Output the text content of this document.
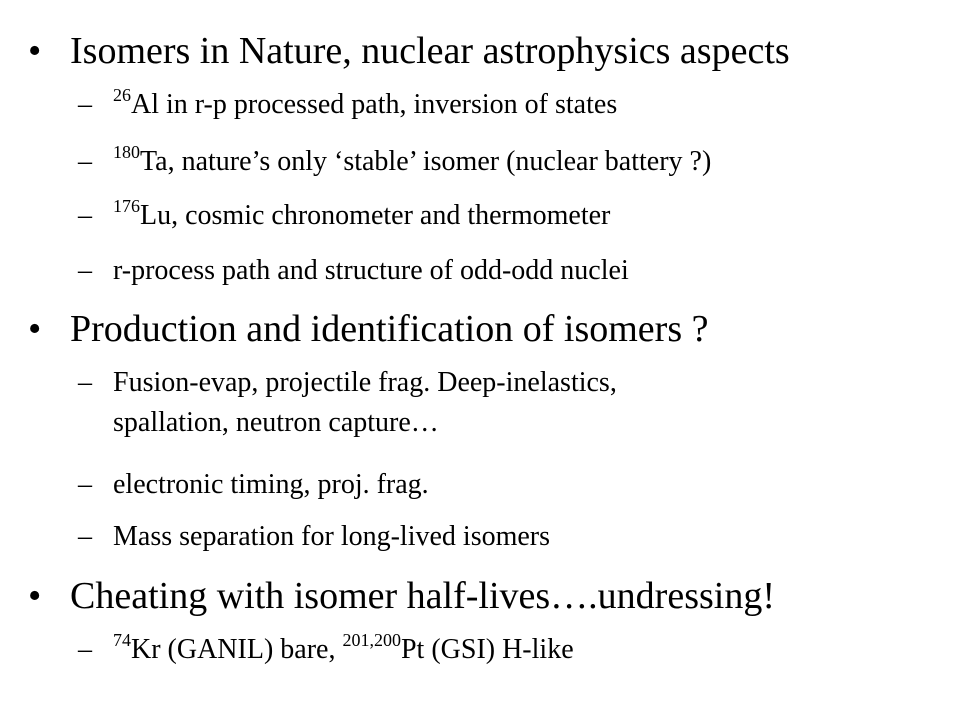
• Isomers in Nature, nuclear astrophysics aspects
– $^{26}$Al in r-p processed path, inversion of states
– $^{180}$Ta, nature’s only ‘stable’ isomer (nuclear battery ?)
– $^{176}$Lu, cosmic chronometer and thermometer
– r-process path and structure of odd-odd nuclei
• Production and identification of isomers ?
– Fusion-evap, projectile frag. Deep-inelastics,
spallation, neutron capture…
– electronic timing, proj. frag.
– Mass separation for long-lived isomers
• Cheating with isomer half-lives….undressing!
– $^{74}$Kr (GANIL) bare, $^{201,200}$Pt (GSI) H-like
